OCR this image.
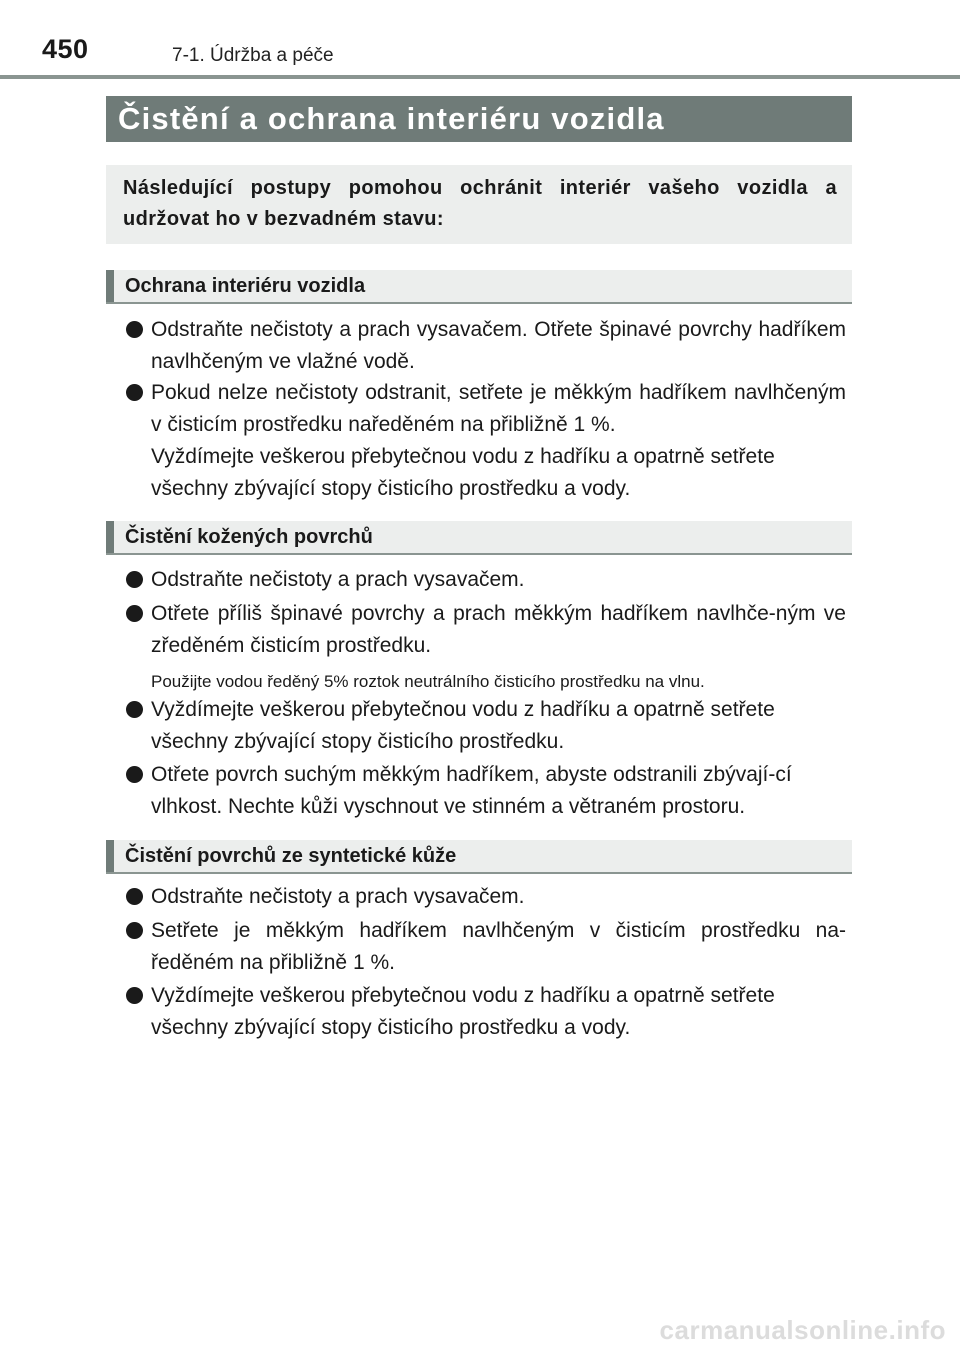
450	7-1. Údržba a péče
Čistění a ochrana interiéru vozidla
Následující postupy pomohou ochránit interiér vašeho vozidla a udržovat ho v bezvadném stavu:
Ochrana interiéru vozidla
Odstraňte nečistoty a prach vysavačem. Otřete špinavé povrchy hadříkem navlhčeným ve vlažné vodě.
Pokud nelze nečistoty odstranit, setřete je měkkým hadříkem navlhčeným v čisticím prostředku naředěném na přibližně 1 %.
Vyždímejte veškerou přebytečnou vodu z hadříku a opatrně setřete všechny zbývající stopy čisticího prostředku a vody.
Čistění kožených povrchů
Odstraňte nečistoty a prach vysavačem.
Otřete příliš špinavé povrchy a prach měkkým hadříkem navlhče-ným ve zředěném čisticím prostředku.
Použijte vodou ředěný 5% roztok neutrálního čisticího prostředku na vlnu.
Vyždímejte veškerou přebytečnou vodu z hadříku a opatrně setřete všechny zbývající stopy čisticího prostředku.
Otřete povrch suchým měkkým hadříkem, abyste odstranili zbývají-cí vlhkost. Nechte kůži vyschnout ve stinném a větraném prostoru.
Čistění povrchů ze syntetické kůže
Odstraňte nečistoty a prach vysavačem.
Setřete je měkkým hadříkem navlhčeným v čisticím prostředku na-ředěném na přibližně 1 %.
Vyždímejte veškerou přebytečnou vodu z hadříku a opatrně setřete všechny zbývající stopy čisticího prostředku a vody.
carmanualsonline.info
